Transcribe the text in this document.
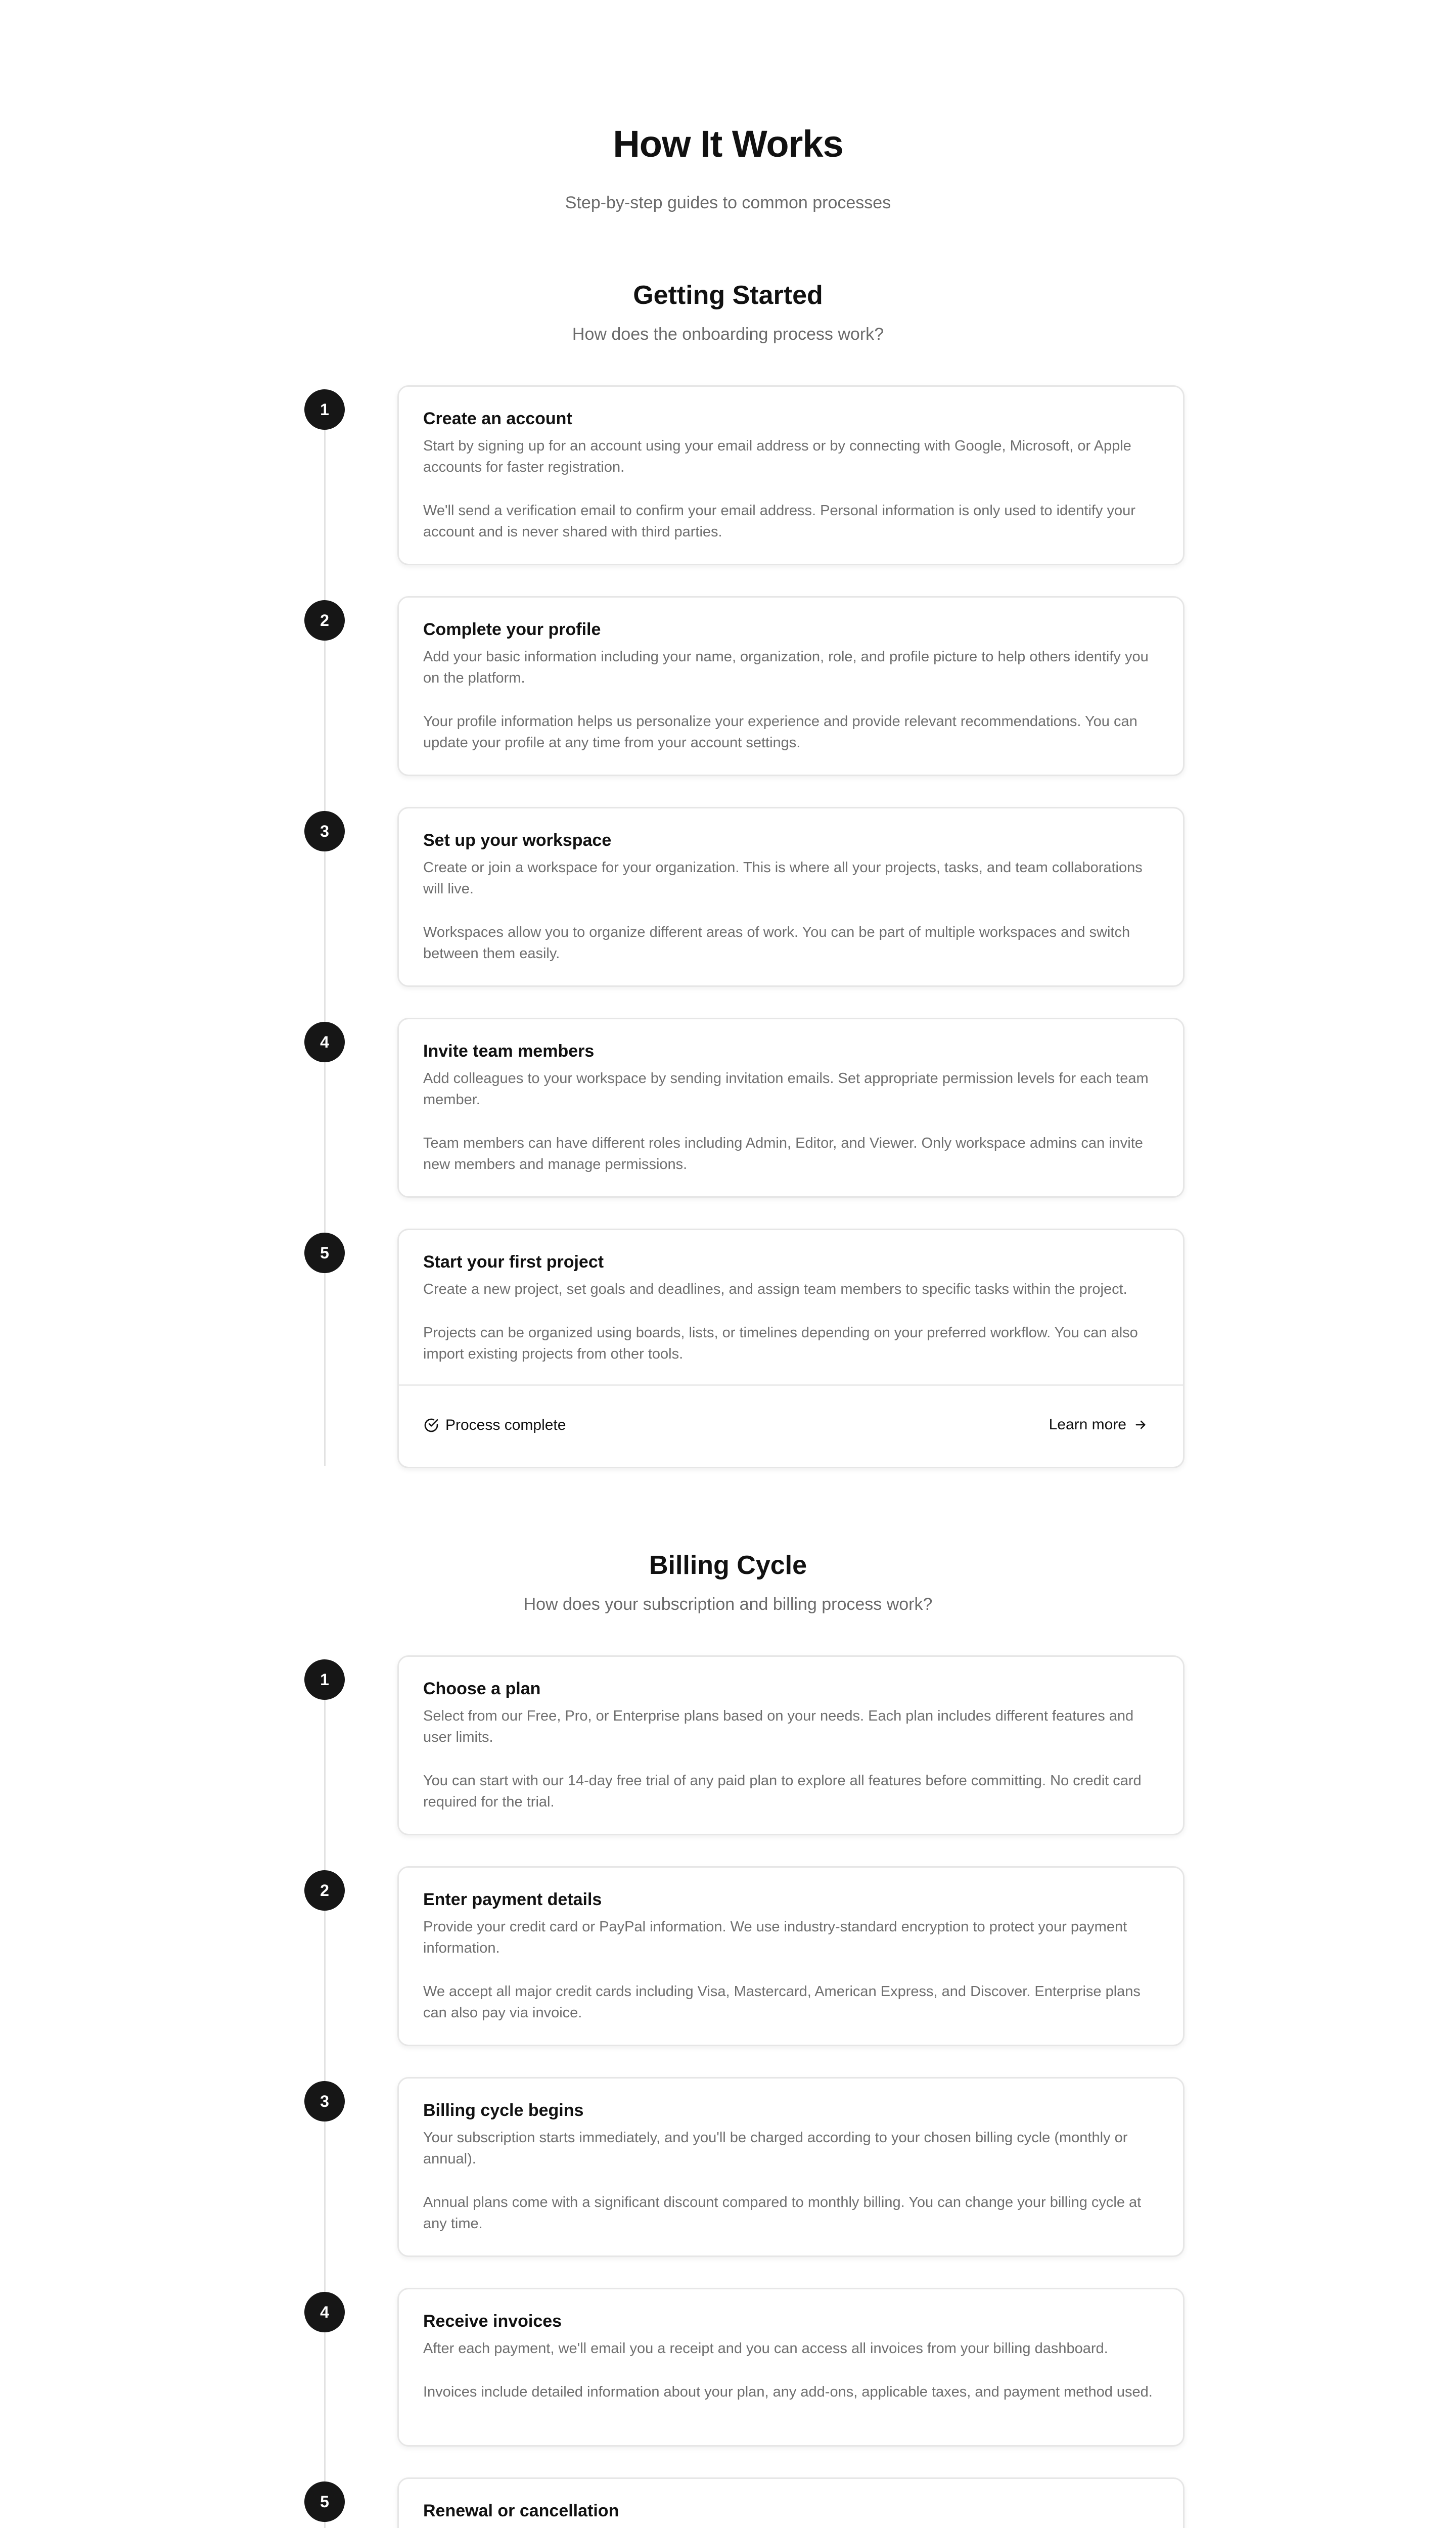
How It Works

Step-by-step guides to common processes

Getting Started

How does the onboarding process work?

1	Create an account

Start by signing up for an account using your email address or by connecting with Google, Microsoft, or Apple accounts for faster registration.

We'll send a verification email to confirm your email address. Personal information is only used to identify your account and is never shared with third parties.

2	Complete your profile

Add your basic information including your name, organization, role, and profile picture to help others identify you on the platform.

Your profile information helps us personalize your experience and provide relevant recommendations. You can update your profile at any time from your account settings.

3	Set up your workspace

Create or join a workspace for your organization. This is where all your projects, tasks, and team collaborations will live.

Workspaces allow you to organize different areas of work. You can be part of multiple workspaces and switch between them easily.

4	Invite team members

Add colleagues to your workspace by sending invitation emails. Set appropriate permission levels for each team member.

Team members can have different roles including Admin, Editor, and Viewer. Only workspace admins can invite new members and manage permissions.

5	Start your first project

Create a new project, set goals and deadlines, and assign team members to specific tasks within the project.

Projects can be organized using boards, lists, or timelines depending on your preferred workflow. You can also import existing projects from other tools.

Process complete	Learn more
Billing Cycle

How does your subscription and billing process work?

1	Choose a plan

Select from our Free, Pro, or Enterprise plans based on your needs. Each plan includes different features and user limits.

You can start with our 14-day free trial of any paid plan to explore all features before committing. No credit card required for the trial.

2	Enter payment details

Provide your credit card or PayPal information. We use industry-standard encryption to protect your payment information.

We accept all major credit cards including Visa, Mastercard, American Express, and Discover. Enterprise plans can also pay via invoice.

3	Billing cycle begins

Your subscription starts immediately, and you'll be charged according to your chosen billing cycle (monthly or annual).

Annual plans come with a significant discount compared to monthly billing. You can change your billing cycle at any time.

4	Receive invoices

After each payment, we'll email you a receipt and you can access all invoices from your billing dashboard.

Invoices include detailed information about your plan, any add-ons, applicable taxes, and payment method used.

5	Renewal or cancellation
